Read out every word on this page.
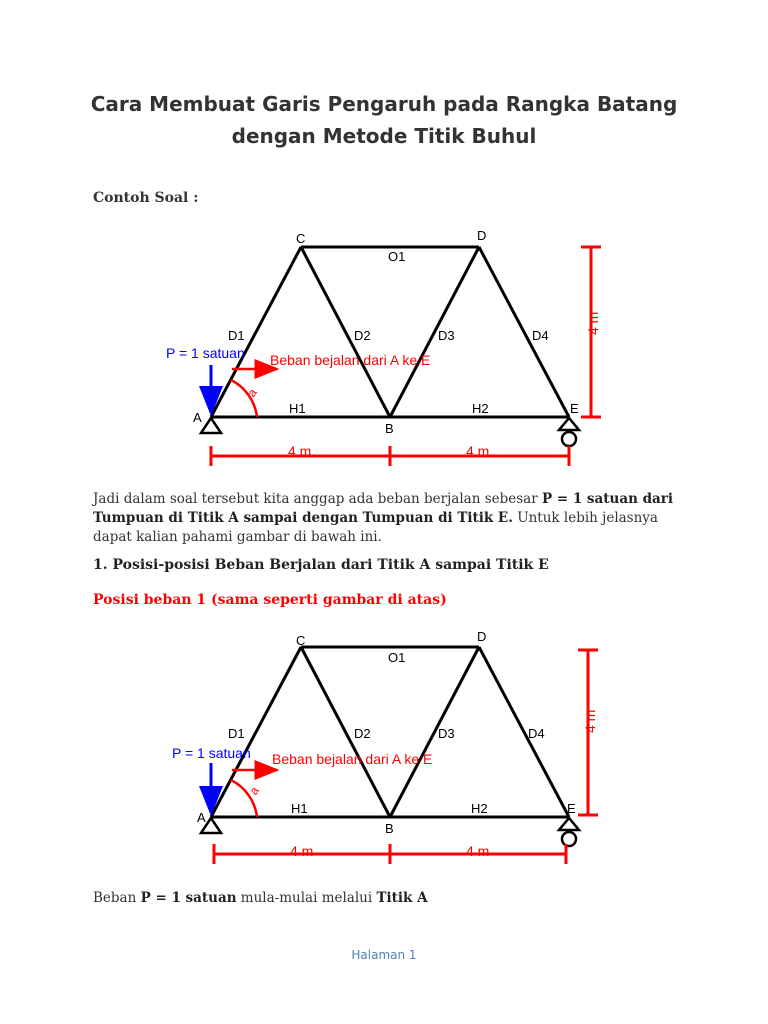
Cara Membuat Garis Pengaruh pada Rangka Batang
dengan Metode Titik Buhul
Contoh Soal :
A
B
C	D
E
O1
D1	D2	D3	D4
H1	H2
P = 1 satuan Beban bejalan dari A ke E
a
4 m
4 m	4 m
Jadi dalam soal tersebut kita anggap ada beban berjalan sebesar P = 1 satuan dari Tumpuan di Titik A sampai dengan Tumpuan di Titik E. Untuk lebih jelasnya dapat kalian pahami gambar di bawah ini.
1. Posisi-posisi Beban Berjalan dari Titik A sampai Titik E
Posisi beban 1 (sama seperti gambar di atas)
A
B
C	D
E
O1
D1	D2	D3	D4
H1	H2
P = 1 satuan Beban bejalan dari A ke E
a
4 m
4 m	4 m
Beban P = 1 satuan mula-mulai melalui Titik A
Halaman 1
